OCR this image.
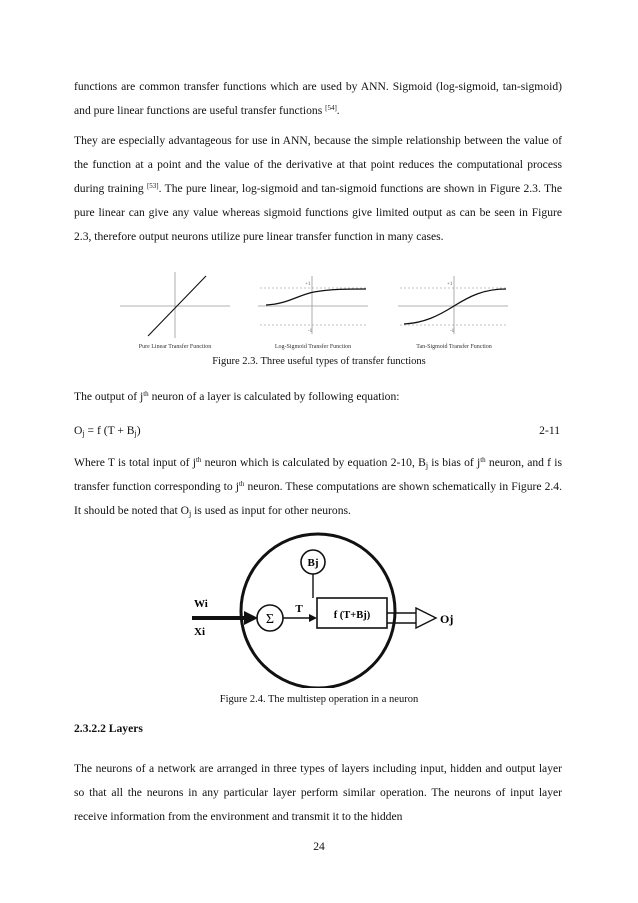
functions are common transfer functions which are used by ANN. Sigmoid (log-sigmoid, tan-sigmoid) and pure linear functions are useful transfer functions [54].

They are especially advantageous for use in ANN, because the simple relationship between the value of the function at a point and the value of the derivative at that point reduces the computational process during training [53]. The pure linear, log-sigmoid and tan-sigmoid functions are shown in Figure 2.3. The pure linear can give any value whereas sigmoid functions give limited output as can be seen in Figure 2.3, therefore output neurons utilize pure linear transfer function in many cases.

Pure Linear Transfer Function
+1
-1
Log-Sigmoid Transfer Function
+1
-1
Tan-Sigmoid Transfer Function
Figure 2.3. Three useful types of transfer functions

The output of $j^{th}$ neuron of a layer is calculated by following equation:

$O_j = f$ $(T + B_j)$	2-11

Where T is total input of $j^{th}$ neuron which is calculated by equation 2-10, $B_j$ is bias of $j^{th}$ neuron, and f is transfer function corresponding to $j^{th}$ neuron. These computations are shown schematically in Figure 2.4. It should be noted that $O_j$ is used as input for other neurons.

Bj
Wi
Xi
Σ
T
f (T+Bj)	Oj
Figure 2.4. The multistep operation in a neuron
2.3.2.2 Layers

The neurons of a network are arranged in three types of layers including input, hidden and output layer so that all the neurons in any particular layer perform similar operation. The neurons of input layer receive information from the environment and transmit it to the hidden

24
